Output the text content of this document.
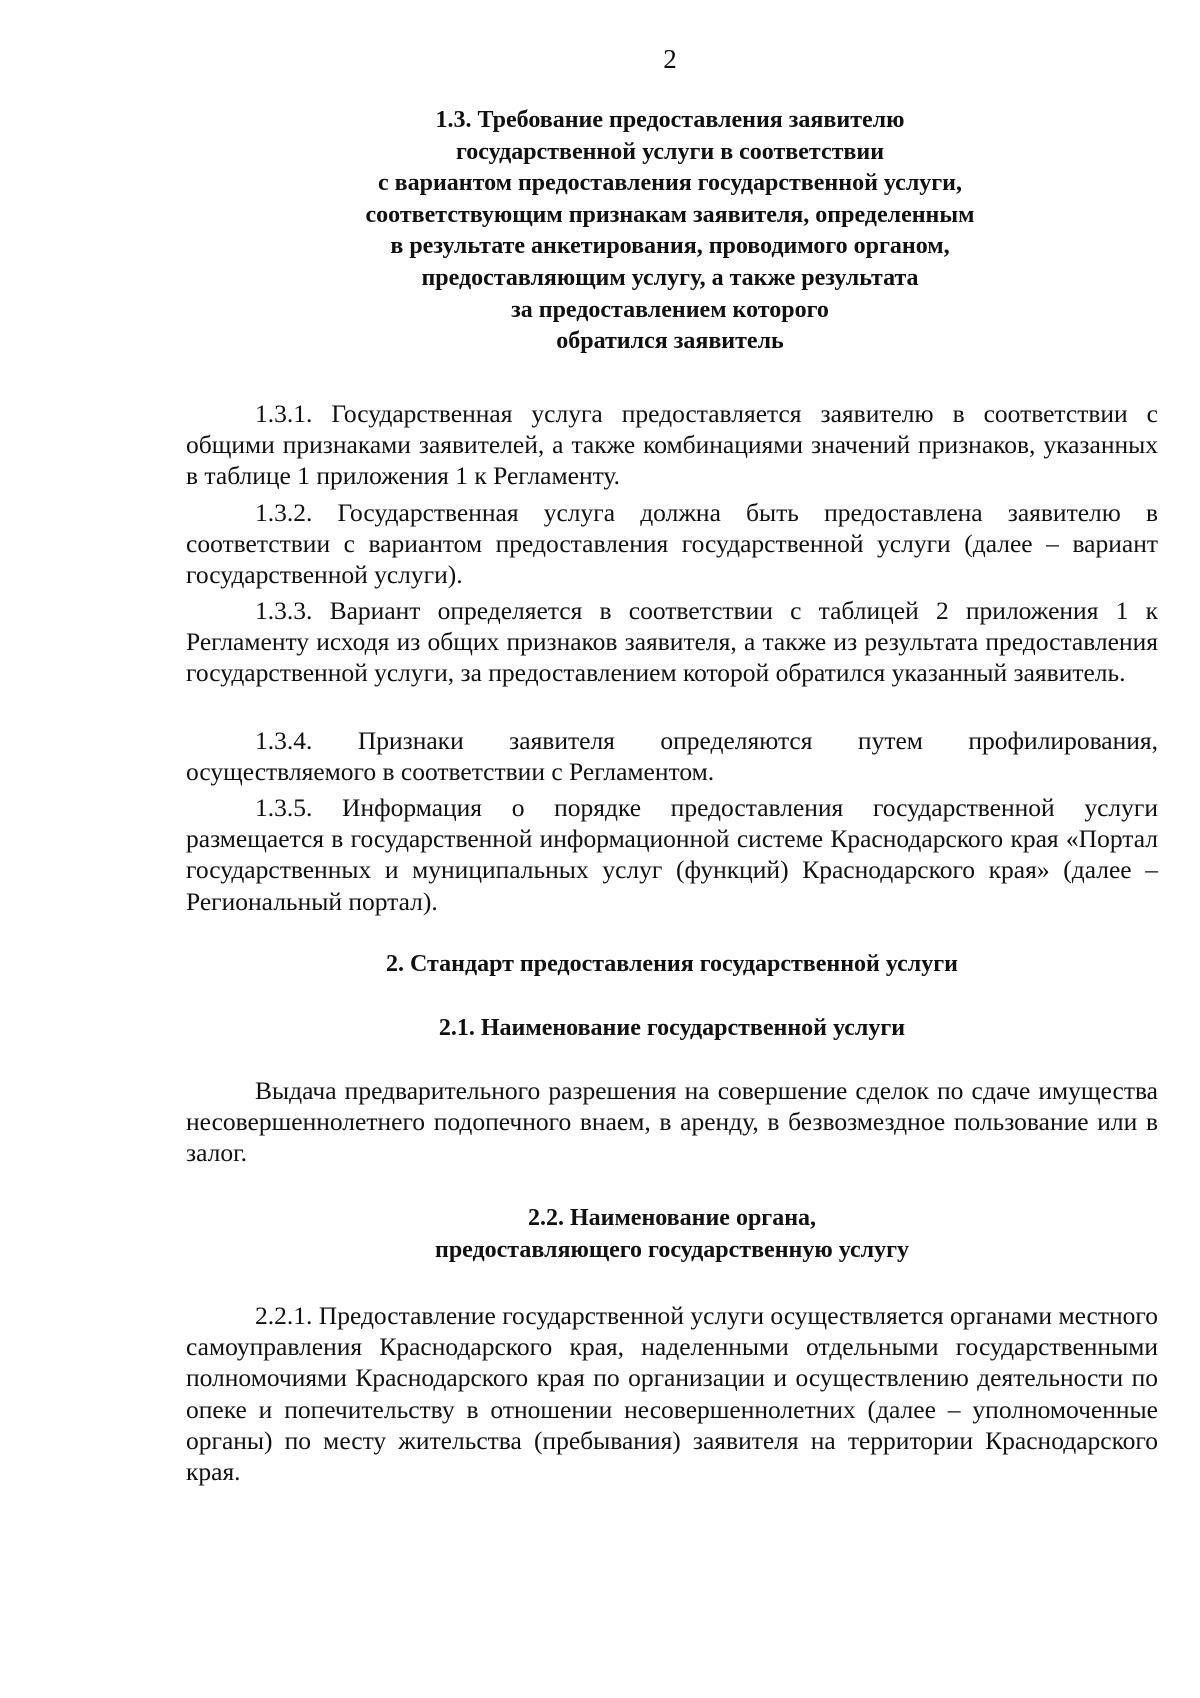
2
1.3. Требование предоставления заявителю
государственной услуги в соответствии
с вариантом предоставления государственной услуги,
соответствующим признакам заявителя, определенным
в результате анкетирования, проводимого органом,
предоставляющим услугу, а также результата
за предоставлением которого
обратился заявитель

1.3.1. Государственная услуга предоставляется заявителю в соответствии с общими признаками заявителей, а также комбинациями значений признаков, указанных в таблице 1 приложения 1 к Регламенту.

1.3.2. Государственная услуга должна быть предоставлена заявителю в соответствии с вариантом предоставления государственной услуги (далее – вариант государственной услуги).

1.3.3. Вариант определяется в соответствии с таблицей 2 приложения 1 к Регламенту исходя из общих признаков заявителя, а также из результата предоставления государственной услуги, за предоставлением которой обратился указанный заявитель.

1.3.4. Признаки заявителя определяются путем профилирования, осуществляемого в соответствии с Регламентом.

1.3.5. Информация о порядке предоставления государственной услуги размещается в государственной информационной системе Краснодарского края «Портал государственных и муниципальных услуг (функций) Краснодарского края» (далее – Региональный портал).

2. Стандарт предоставления государственной услуги
2.1. Наименование государственной услуги

Выдача предварительного разрешения на совершение сделок по сдаче имущества несовершеннолетнего подопечного внаем, в аренду, в безвозмездное пользование или в залог.

2.2. Наименование органа,
предоставляющего государственную услугу

2.2.1. Предоставление государственной услуги осуществляется органами местного самоуправления Краснодарского края, наделенными отдельными государственными полномочиями Краснодарского края по организации и осуществлению деятельности по опеке и попечительству в отношении несовершеннолетних (далее – уполномоченные органы) по месту жительства (пребывания) заявителя на территории Краснодарского края.
